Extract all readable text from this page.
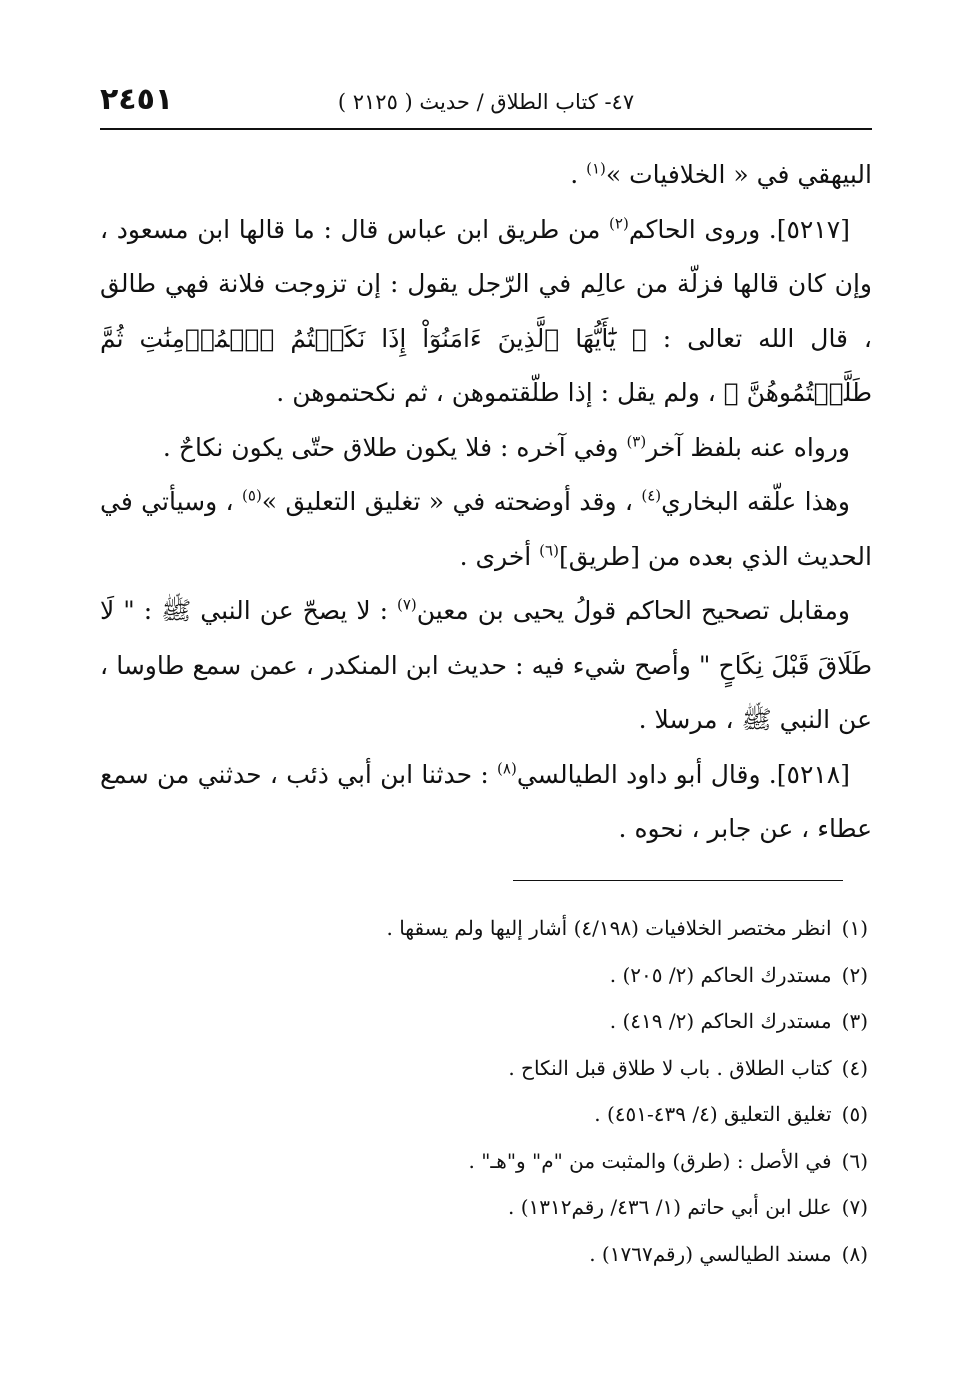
٢٤٥١	٤٧- كتاب الطلاق / حديث ( ٢١٢٥ )

البيهقي في « الخلافيات »$^{(١)}$ .

[٥٢١٧]. وروى الحاكم$^{(٢)}$ من طريق ابن عباس قال : ما قالها ابن مسعود ، وإن كان قالها فزلّة من عالِم في الرّجل يقول : إن تزوجت فلانة فهي طالق ، قال الله تعالى : ﴿ يَٰٓأَيُّهَا ٱلَّذِينَ ءَامَنُوٓاْ إِذَا نَكَحۡتُمُ ٱلۡمُؤۡمِنَٰتِ ثُمَّ طَلَّقۡتُمُوهُنَّ ﴾ ، ولم يقل : إذا طلّقتموهن ، ثم نكحتموهن .

ورواه عنه بلفظ آخر$^{(٣)}$ وفي آخره : فلا يكون طلاق حتّى يكون نكاحٌ .

وهذا علّقه البخاري$^{(٤)}$ ، وقد أوضحته في « تغليق التعليق »$^{(٥)}$ ، وسيأتي في الحديث الذي بعده من [طريق]$^{(٦)}$ أخرى .

ومقابل تصحيح الحاكم قولُ يحيى بن معين$^{(٧)}$ : لا يصحّ عن النبي ﷺ : " لَا طَلَاقَ قَبْلَ نِكَاحٍ " وأصح شيء فيه : حديث ابن المنكدر ، عمن سمع طاوسا ، عن النبي ﷺ ، مرسلا .

[٥٢١٨]. وقال أبو داود الطيالسي$^{(٨)}$ : حدثنا ابن أبي ذئب ، حدثني من سمع عطاء ، عن جابر ، نحوه .

(١)انظر مختصر الخلافيات (٤/١٩٨) أشار إليها ولم يسقها .
(٢)مستدرك الحاكم (٢/ ٢٠٥) .
(٣)مستدرك الحاكم (٢/ ٤١٩) .
(٤)كتاب الطلاق . باب لا طلاق قبل النكاح .
(٥)تغليق التعليق (٤/ ٤٣٩-٤٥١) .
(٦)في الأصل : (طرق) والمثبت من "م" و"هـ" .
(٧)علل ابن أبي حاتم (١/ ٤٣٦/ رقم١٣١٢) .
(٨)مسند الطيالسي (رقم١٧٦٧) .
